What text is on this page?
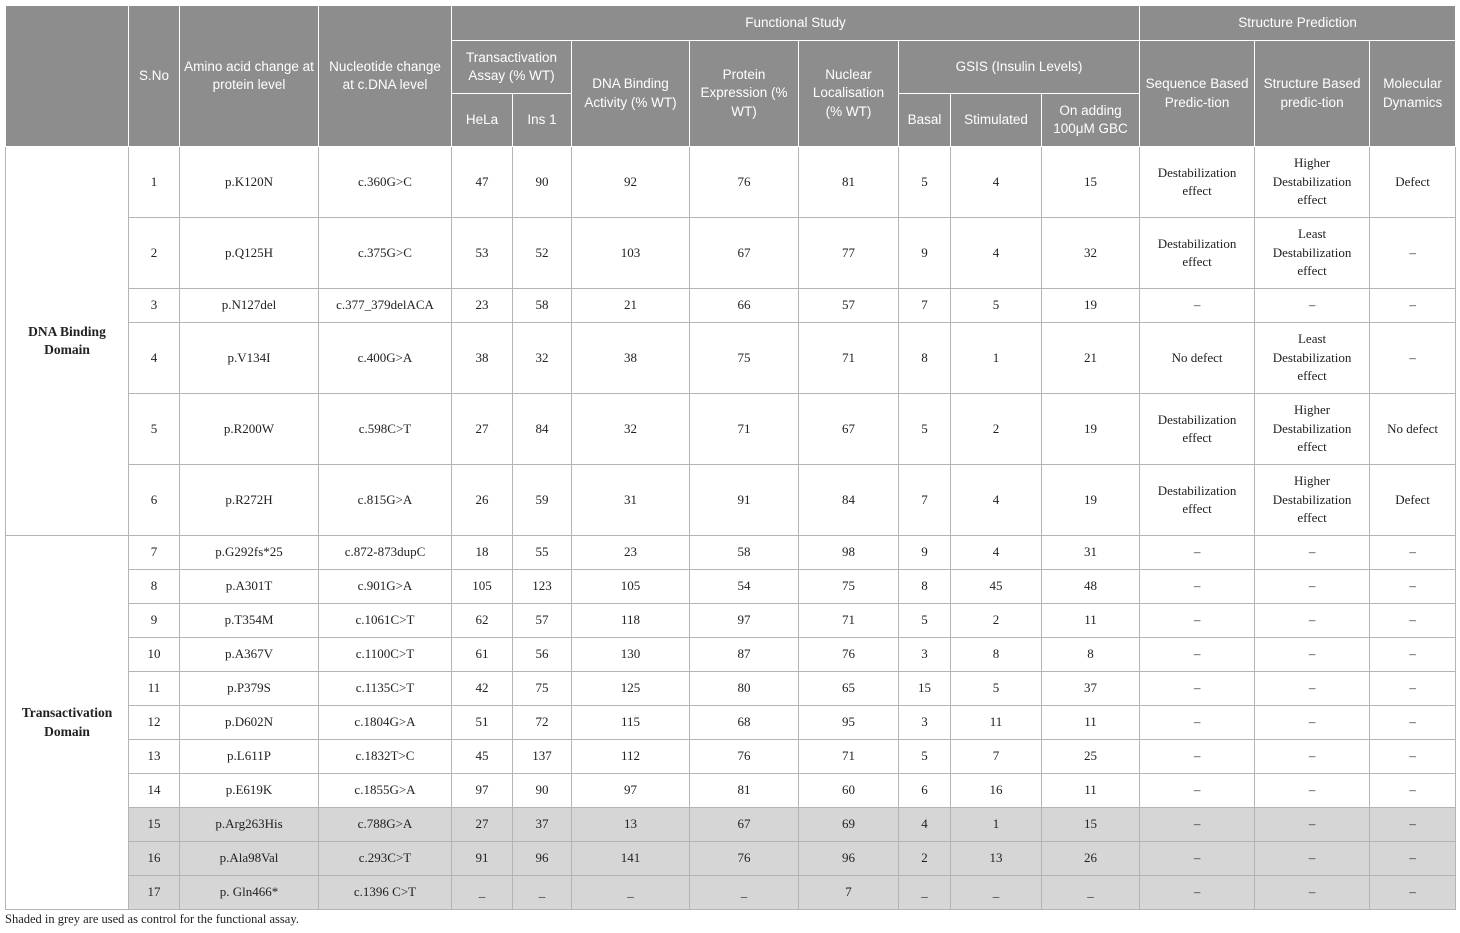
	S.No	Amino acid change at protein level	Nucleotide change at c.DNA level	Functional Study								Structure Prediction		
				Transactivation Assay (% WT)		DNA Binding Activity (% WT)	Protein Expression (% WT)	Nuclear Localisation (% WT)	GSIS (Insulin Levels)			Sequence Based Predic-tion	Structure Based predic-tion	Molecular Dynamics
				HeLa	Ins 1				Basal	Stimulated	On adding 100μM GBC			
DNA Binding Domain	1	p.K120N	c.360G>C	47	90	92	76	81	5	4	15	Destabilization effect	Higher Destabilization effect	Defect
	2	p.Q125H	c.375G>C	53	52	103	67	77	9	4	32	Destabilization effect	Least Destabilization effect	–
	3	p.N127del	c.377_379delACA	23	58	21	66	57	7	5	19	–	–	–
	4	p.V134I	c.400G>A	38	32	38	75	71	8	1	21	No defect	Least Destabilization effect	–
	5	p.R200W	c.598C>T	27	84	32	71	67	5	2	19	Destabilization effect	Higher Destabilization effect	No defect
	6	p.R272H	c.815G>A	26	59	31	91	84	7	4	19	Destabilization effect	Higher Destabilization effect	Defect
Transactivation Domain	7	p.G292fs*25	c.872-873dupC	18	55	23	58	98	9	4	31	–	–	–
	8	p.A301T	c.901G>A	105	123	105	54	75	8	45	48	–	–	–
	9	p.T354M	c.1061C>T	62	57	118	97	71	5	2	11	–	–	–
	10	p.A367V	c.1100C>T	61	56	130	87	76	3	8	8	–	–	–
	11	p.P379S	c.1135C>T	42	75	125	80	65	15	5	37	–	–	–
	12	p.D602N	c.1804G>A	51	72	115	68	95	3	11	11	–	–	–
	13	p.L611P	c.1832T>C	45	137	112	76	71	5	7	25	–	–	–
	14	p.E619K	c.1855G>A	97	90	97	81	60	6	16	11	–	–	–
	15	p.Arg263His	c.788G>A	27	37	13	67	69	4	1	15	–	–	–
	16	p.Ala98Val	c.293C>T	91	96	141	76	96	2	13	26	–	–	–
	17	p. Gln466*	c.1396 C>T	_	_	_	_	7	_	_	_	–	–	–
Shaded in grey are used as control for the functional assay.
